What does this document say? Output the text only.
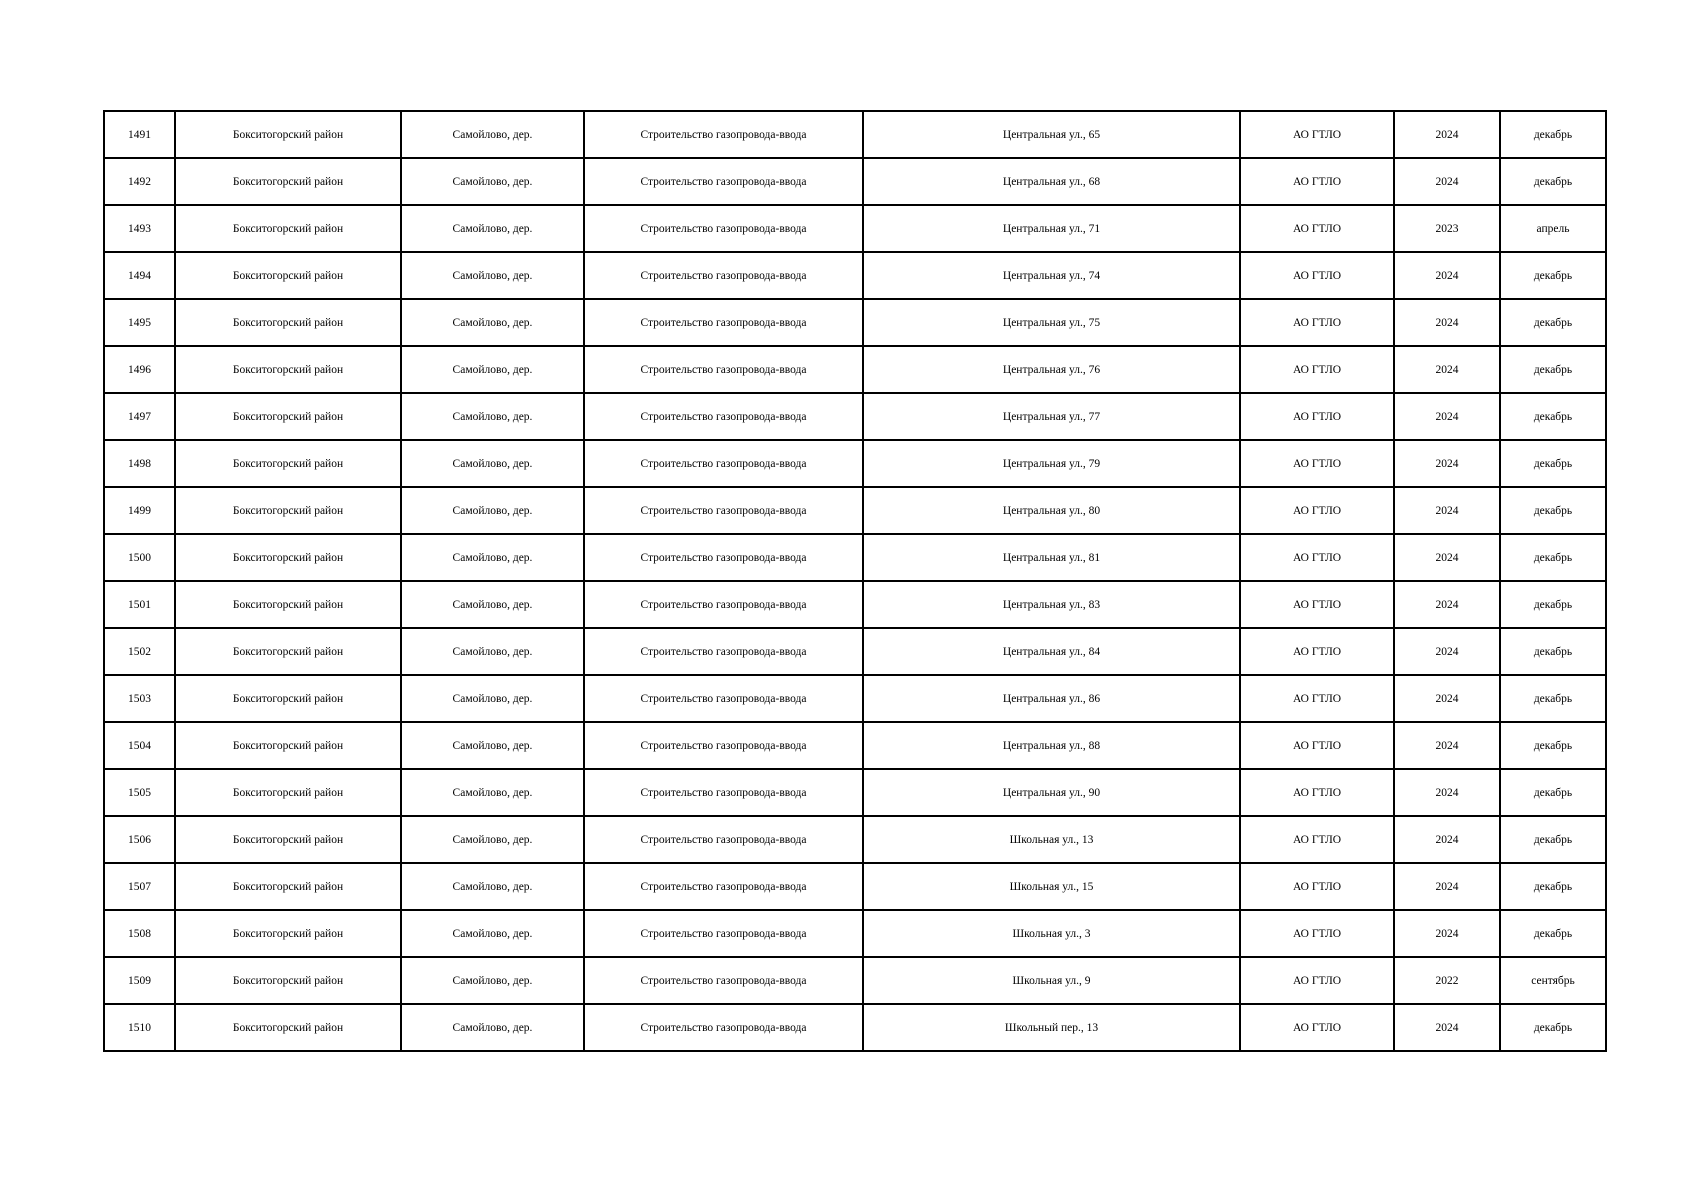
1491	Бокситогорский район	Самойлово, дер.	Строительство газопровода-ввода	Центральная ул., 65	АО ГТЛО	2024	декабрь
1492	Бокситогорский район	Самойлово, дер.	Строительство газопровода-ввода	Центральная ул., 68	АО ГТЛО	2024	декабрь
1493	Бокситогорский район	Самойлово, дер.	Строительство газопровода-ввода	Центральная ул., 71	АО ГТЛО	2023	апрель
1494	Бокситогорский район	Самойлово, дер.	Строительство газопровода-ввода	Центральная ул., 74	АО ГТЛО	2024	декабрь
1495	Бокситогорский район	Самойлово, дер.	Строительство газопровода-ввода	Центральная ул., 75	АО ГТЛО	2024	декабрь
1496	Бокситогорский район	Самойлово, дер.	Строительство газопровода-ввода	Центральная ул., 76	АО ГТЛО	2024	декабрь
1497	Бокситогорский район	Самойлово, дер.	Строительство газопровода-ввода	Центральная ул., 77	АО ГТЛО	2024	декабрь
1498	Бокситогорский район	Самойлово, дер.	Строительство газопровода-ввода	Центральная ул., 79	АО ГТЛО	2024	декабрь
1499	Бокситогорский район	Самойлово, дер.	Строительство газопровода-ввода	Центральная ул., 80	АО ГТЛО	2024	декабрь
1500	Бокситогорский район	Самойлово, дер.	Строительство газопровода-ввода	Центральная ул., 81	АО ГТЛО	2024	декабрь
1501	Бокситогорский район	Самойлово, дер.	Строительство газопровода-ввода	Центральная ул., 83	АО ГТЛО	2024	декабрь
1502	Бокситогорский район	Самойлово, дер.	Строительство газопровода-ввода	Центральная ул., 84	АО ГТЛО	2024	декабрь
1503	Бокситогорский район	Самойлово, дер.	Строительство газопровода-ввода	Центральная ул., 86	АО ГТЛО	2024	декабрь
1504	Бокситогорский район	Самойлово, дер.	Строительство газопровода-ввода	Центральная ул., 88	АО ГТЛО	2024	декабрь
1505	Бокситогорский район	Самойлово, дер.	Строительство газопровода-ввода	Центральная ул., 90	АО ГТЛО	2024	декабрь
1506	Бокситогорский район	Самойлово, дер.	Строительство газопровода-ввода	Школьная ул., 13	АО ГТЛО	2024	декабрь
1507	Бокситогорский район	Самойлово, дер.	Строительство газопровода-ввода	Школьная ул., 15	АО ГТЛО	2024	декабрь
1508	Бокситогорский район	Самойлово, дер.	Строительство газопровода-ввода	Школьная ул., 3	АО ГТЛО	2024	декабрь
1509	Бокситогорский район	Самойлово, дер.	Строительство газопровода-ввода	Школьная ул., 9	АО ГТЛО	2022	сентябрь
1510	Бокситогорский район	Самойлово, дер.	Строительство газопровода-ввода	Школьный пер., 13	АО ГТЛО	2024	декабрь
